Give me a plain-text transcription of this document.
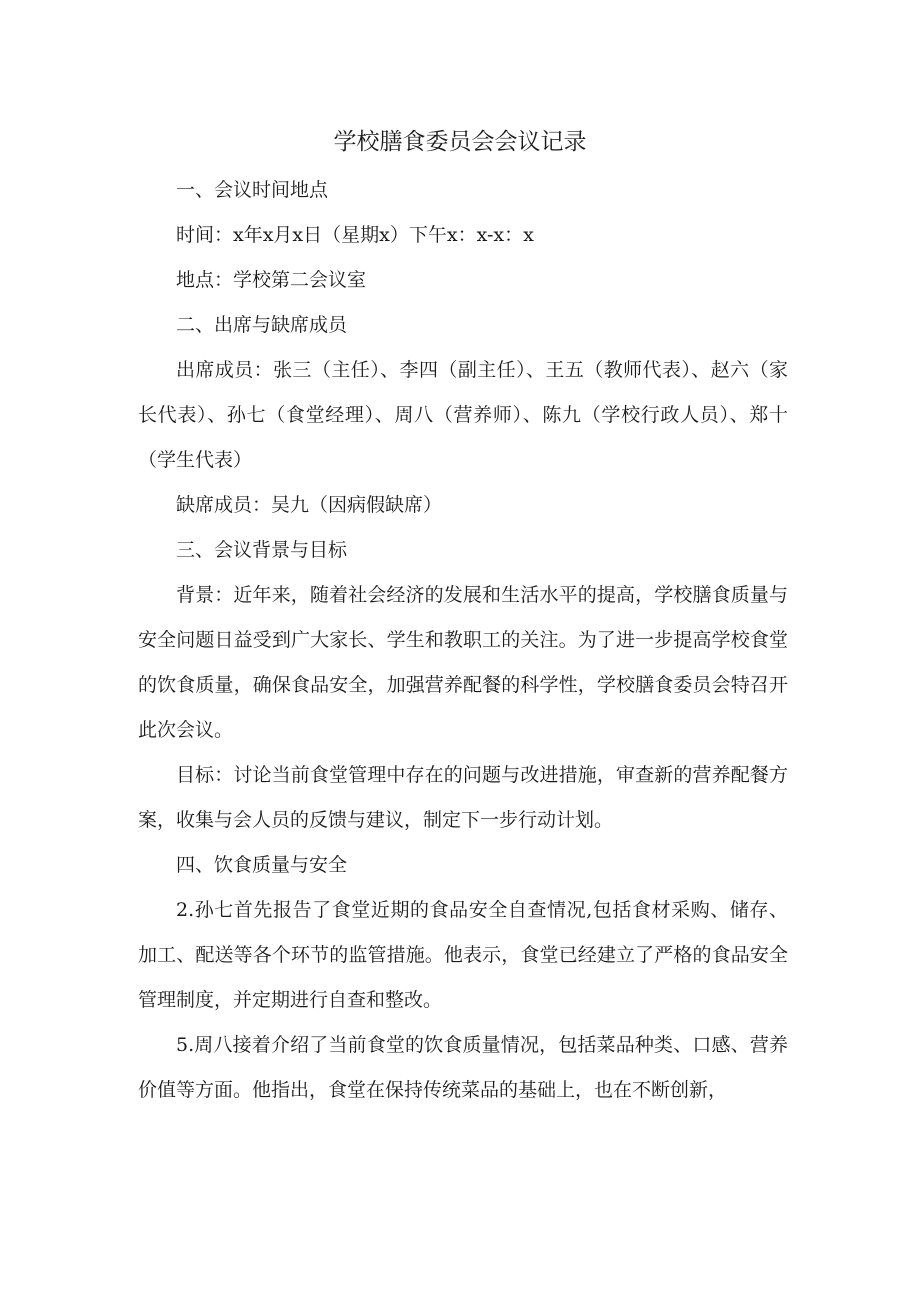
学校膳食委员会会议记录

一、会议时间地点

时间：x年x月x日（星期x）下午x：x-x：x

地点：学校第二会议室

二、出席与缺席成员

出席成员：张三（主任）、李四（副主任）、王五（教师代表）、赵六（家长代表）、孙七（食堂经理）、周八（营养师）、陈九（学校行政人员）、郑十（学生代表）

缺席成员：吴九（因病假缺席）

三、会议背景与目标

背景：近年来，随着社会经济的发展和生活水平的提高，学校膳食质量与安全问题日益受到广大家长、学生和教职工的关注。为了进一步提高学校食堂的饮食质量，确保食品安全，加强营养配餐的科学性，学校膳食委员会特召开此次会议。

目标：讨论当前食堂管理中存在的问题与改进措施，审查新的营养配餐方案，收集与会人员的反馈与建议，制定下一步行动计划。

四、饮食质量与安全

2.孙七首先报告了食堂近期的食品安全自查情况,包括食材采购、储存、加工、配送等各个环节的监管措施。他表示，食堂已经建立了严格的食品安全管理制度，并定期进行自查和整改。

5.周八接着介绍了当前食堂的饮食质量情况，包括菜品种类、口感、营养价值等方面。他指出，食堂在保持传统菜品的基础上，也在不断创新，
